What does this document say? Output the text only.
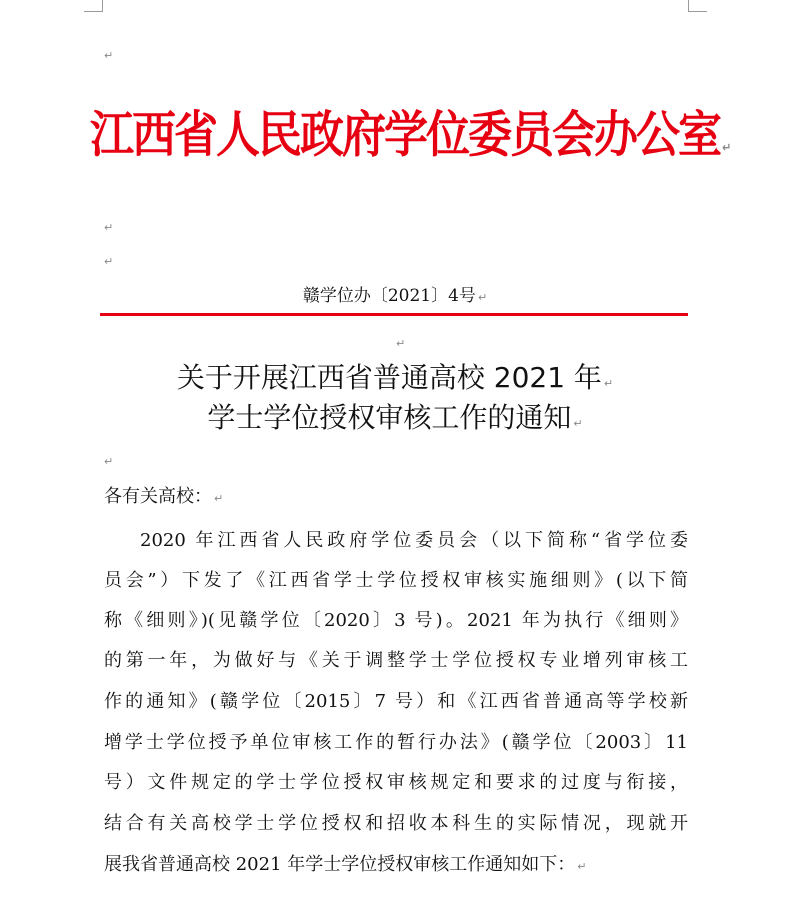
↵
江西省人民政府学位委员会办公室 ↵
↵
↵
赣学位办〔2021〕4号 ↵
↵
关于开展江西省普通高校 2021 年 ↵
学士学位授权审核工作的通知 ↵
↵
各有关高校： ↵
2020 年江西省人民政府学位委员会（以下简称“省学位委
员会”）下发了《江西省学士学位授权审核实施细则》(以下简
称《细则》)(见赣学位〔2020〕3 号)。2021 年为执行《细则》
的第一年，为做好与《关于调整学士学位授权专业增列审核工
作的通知》(赣学位〔2015〕7 号）和《江西省普通高等学校新
增学士学位授予单位审核工作的暂行办法》(赣学位〔2003〕11
号）文件规定的学士学位授权审核规定和要求的过度与衔接，
结合有关高校学士学位授权和招收本科生的实际情况，现就开
展我省普通高校 2021 年学士学位授权审核工作通知如下： ↵
